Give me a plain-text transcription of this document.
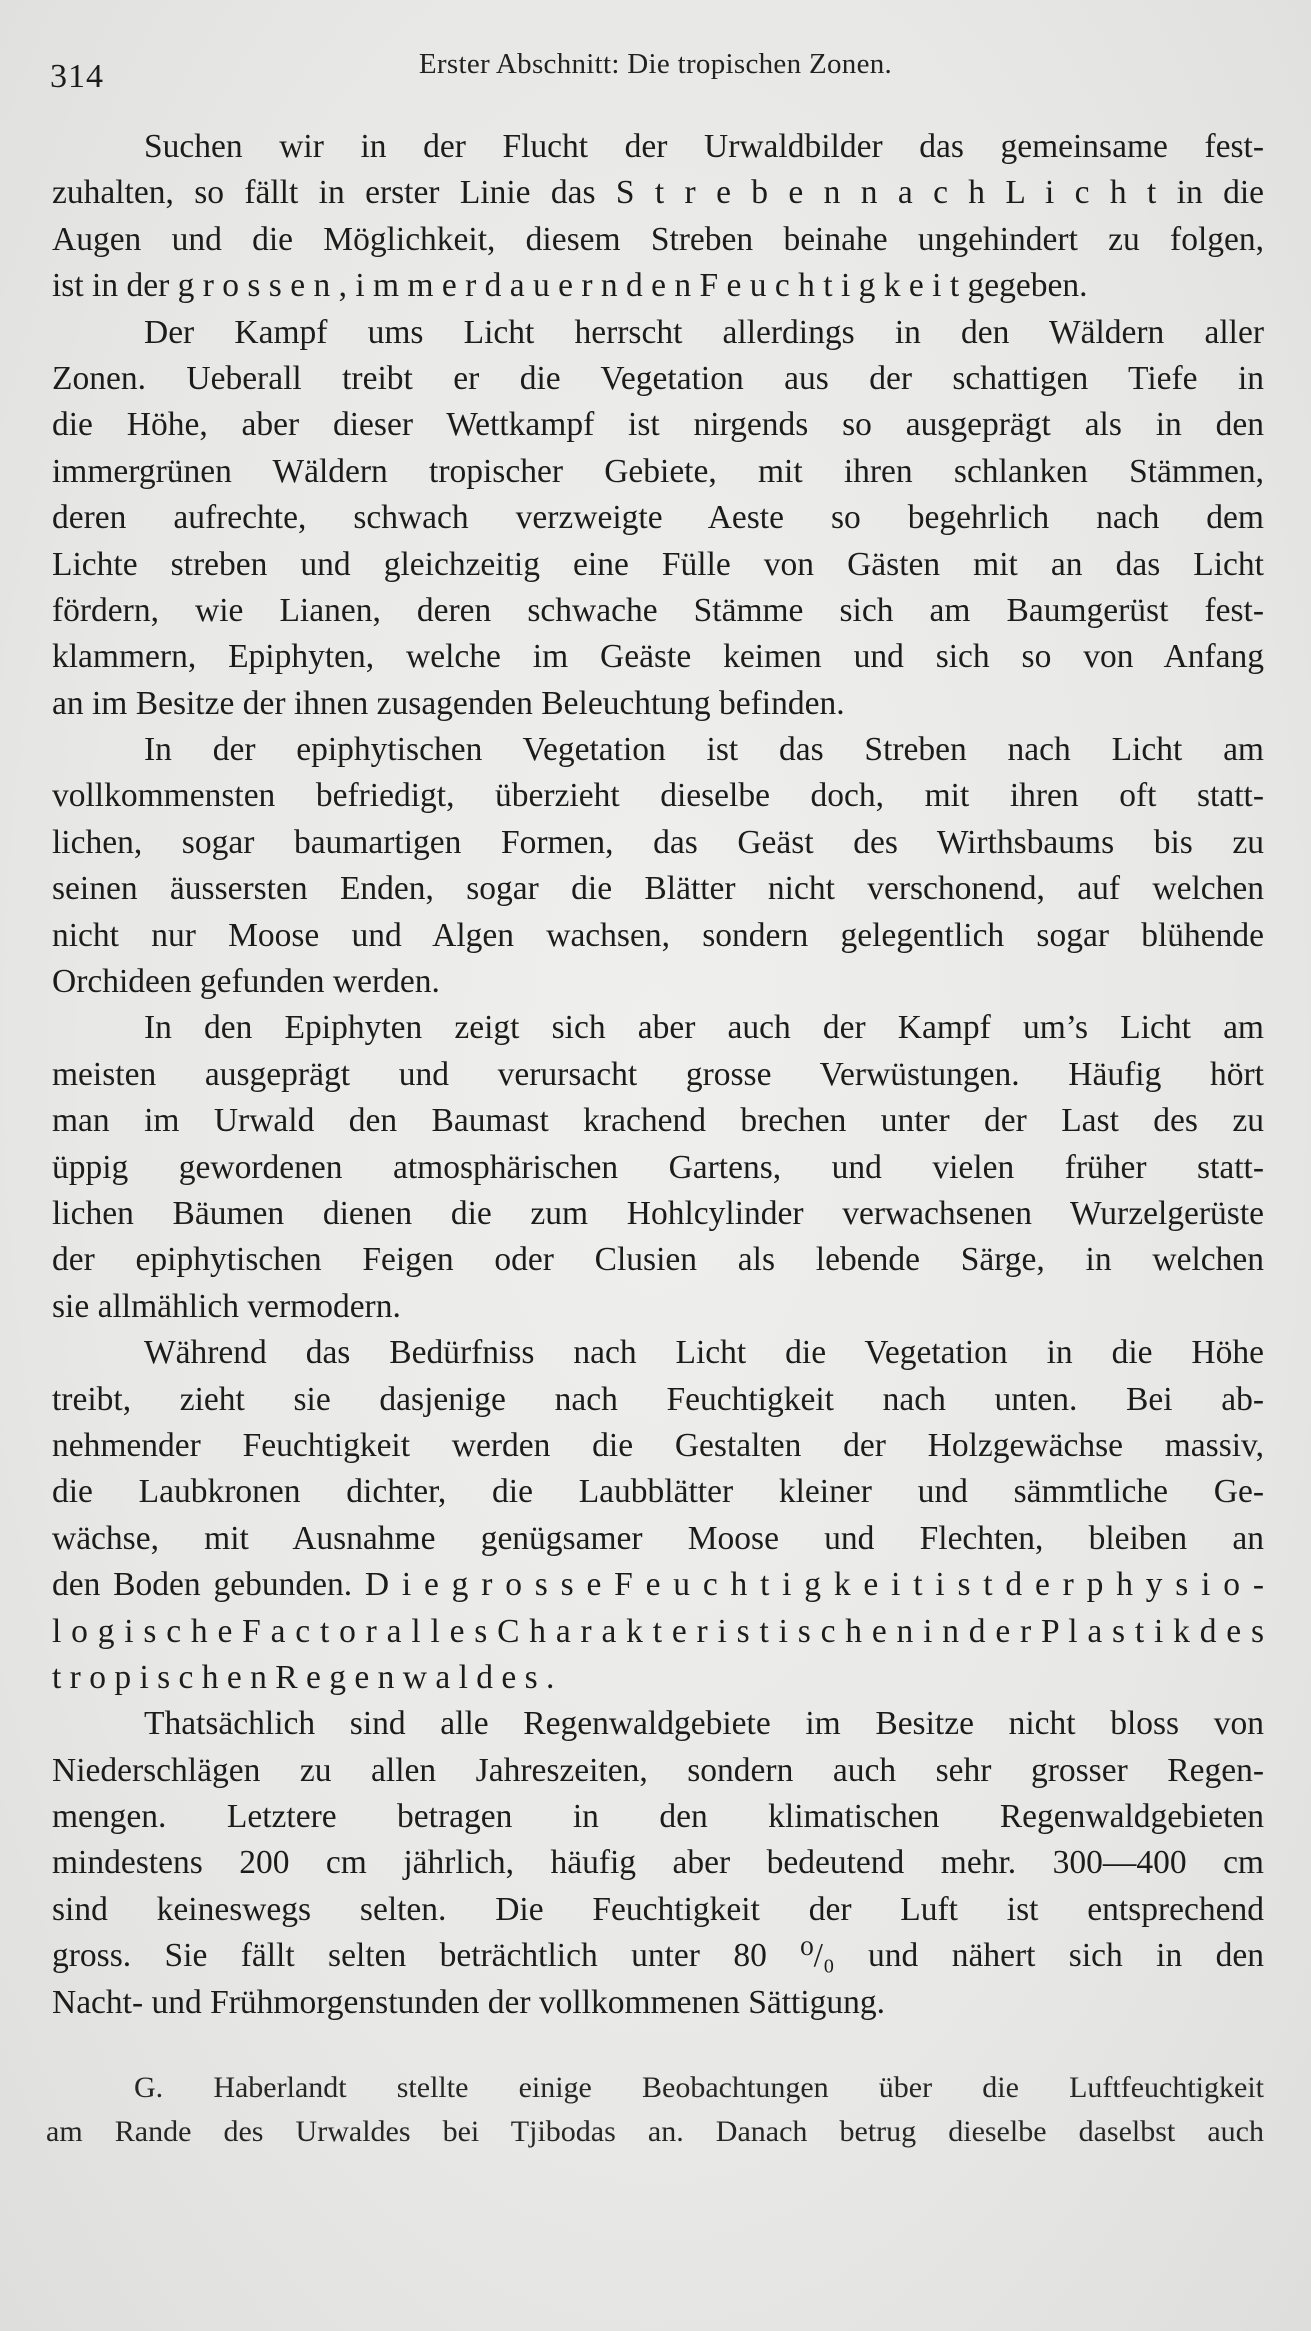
314	Erster Abschnitt: Die tropischen Zonen.
Suchen wir in der Flucht der Urwaldbilder das gemeinsame fest-
zuhalten, so fällt in erster Linie das S t r e b e n n a c h L i c h t in die
Augen und die Möglichkeit, diesem Streben beinahe ungehindert zu folgen,
ist in der g r o s s e n , i m m e r d a u e r n d e n F e u c h t i g k e i t gegeben.
Der Kampf ums Licht herrscht allerdings in den Wäldern aller
Zonen. Ueberall treibt er die Vegetation aus der schattigen Tiefe in
die Höhe, aber dieser Wettkampf ist nirgends so ausgeprägt als in den
immergrünen Wäldern tropischer Gebiete, mit ihren schlanken Stämmen,
deren aufrechte, schwach verzweigte Aeste so begehrlich nach dem
Lichte streben und gleichzeitig eine Fülle von Gästen mit an das Licht
fördern, wie Lianen, deren schwache Stämme sich am Baumgerüst fest-
klammern, Epiphyten, welche im Geäste keimen und sich so von Anfang
an im Besitze der ihnen zusagenden Beleuchtung befinden.
In der epiphytischen Vegetation ist das Streben nach Licht am
vollkommensten befriedigt, überzieht dieselbe doch, mit ihren oft statt-
lichen, sogar baumartigen Formen, das Geäst des Wirthsbaums bis zu
seinen äussersten Enden, sogar die Blätter nicht verschonend, auf welchen
nicht nur Moose und Algen wachsen, sondern gelegentlich sogar blühende
Orchideen gefunden werden.
In den Epiphyten zeigt sich aber auch der Kampf um’s Licht am
meisten ausgeprägt und verursacht grosse Verwüstungen. Häufig hört
man im Urwald den Baumast krachend brechen unter der Last des zu
üppig gewordenen atmosphärischen Gartens, und vielen früher statt-
lichen Bäumen dienen die zum Hohlcylinder verwachsenen Wurzelgerüste
der epiphytischen Feigen oder Clusien als lebende Särge, in welchen
sie allmählich vermodern.
Während das Bedürfniss nach Licht die Vegetation in die Höhe
treibt, zieht sie dasjenige nach Feuchtigkeit nach unten. Bei ab-
nehmender Feuchtigkeit werden die Gestalten der Holzgewächse massiv,
die Laubkronen dichter, die Laubblätter kleiner und sämmtliche Ge-
wächse, mit Ausnahme genügsamer Moose und Flechten, bleiben an
den Boden gebunden. D i e g r o s s e F e u c h t i g k e i t i s t d e r p h y s i o -
l o g i s c h e F a c t o r a l l e s C h a r a k t e r i s t i s c h e n i n d e r P l a s t i k d e s
t r o p i s c h e n R e g e n w a l d e s .
Thatsächlich sind alle Regenwaldgebiete im Besitze nicht bloss von
Niederschlägen zu allen Jahreszeiten, sondern auch sehr grosser Regen-
mengen. Letztere betragen in den klimatischen Regenwaldgebieten
mindestens 200 cm jährlich, häufig aber bedeutend mehr. 300—400 cm
sind keineswegs selten. Die Feuchtigkeit der Luft ist entsprechend
gross. Sie fällt selten beträchtlich unter 80 ⁰/₀ und nähert sich in den
Nacht- und Frühmorgenstunden der vollkommenen Sättigung.
G. Haberlandt stellte einige Beobachtungen über die Luftfeuchtigkeit
am Rande des Urwaldes bei Tjibodas an. Danach betrug dieselbe daselbst auch
